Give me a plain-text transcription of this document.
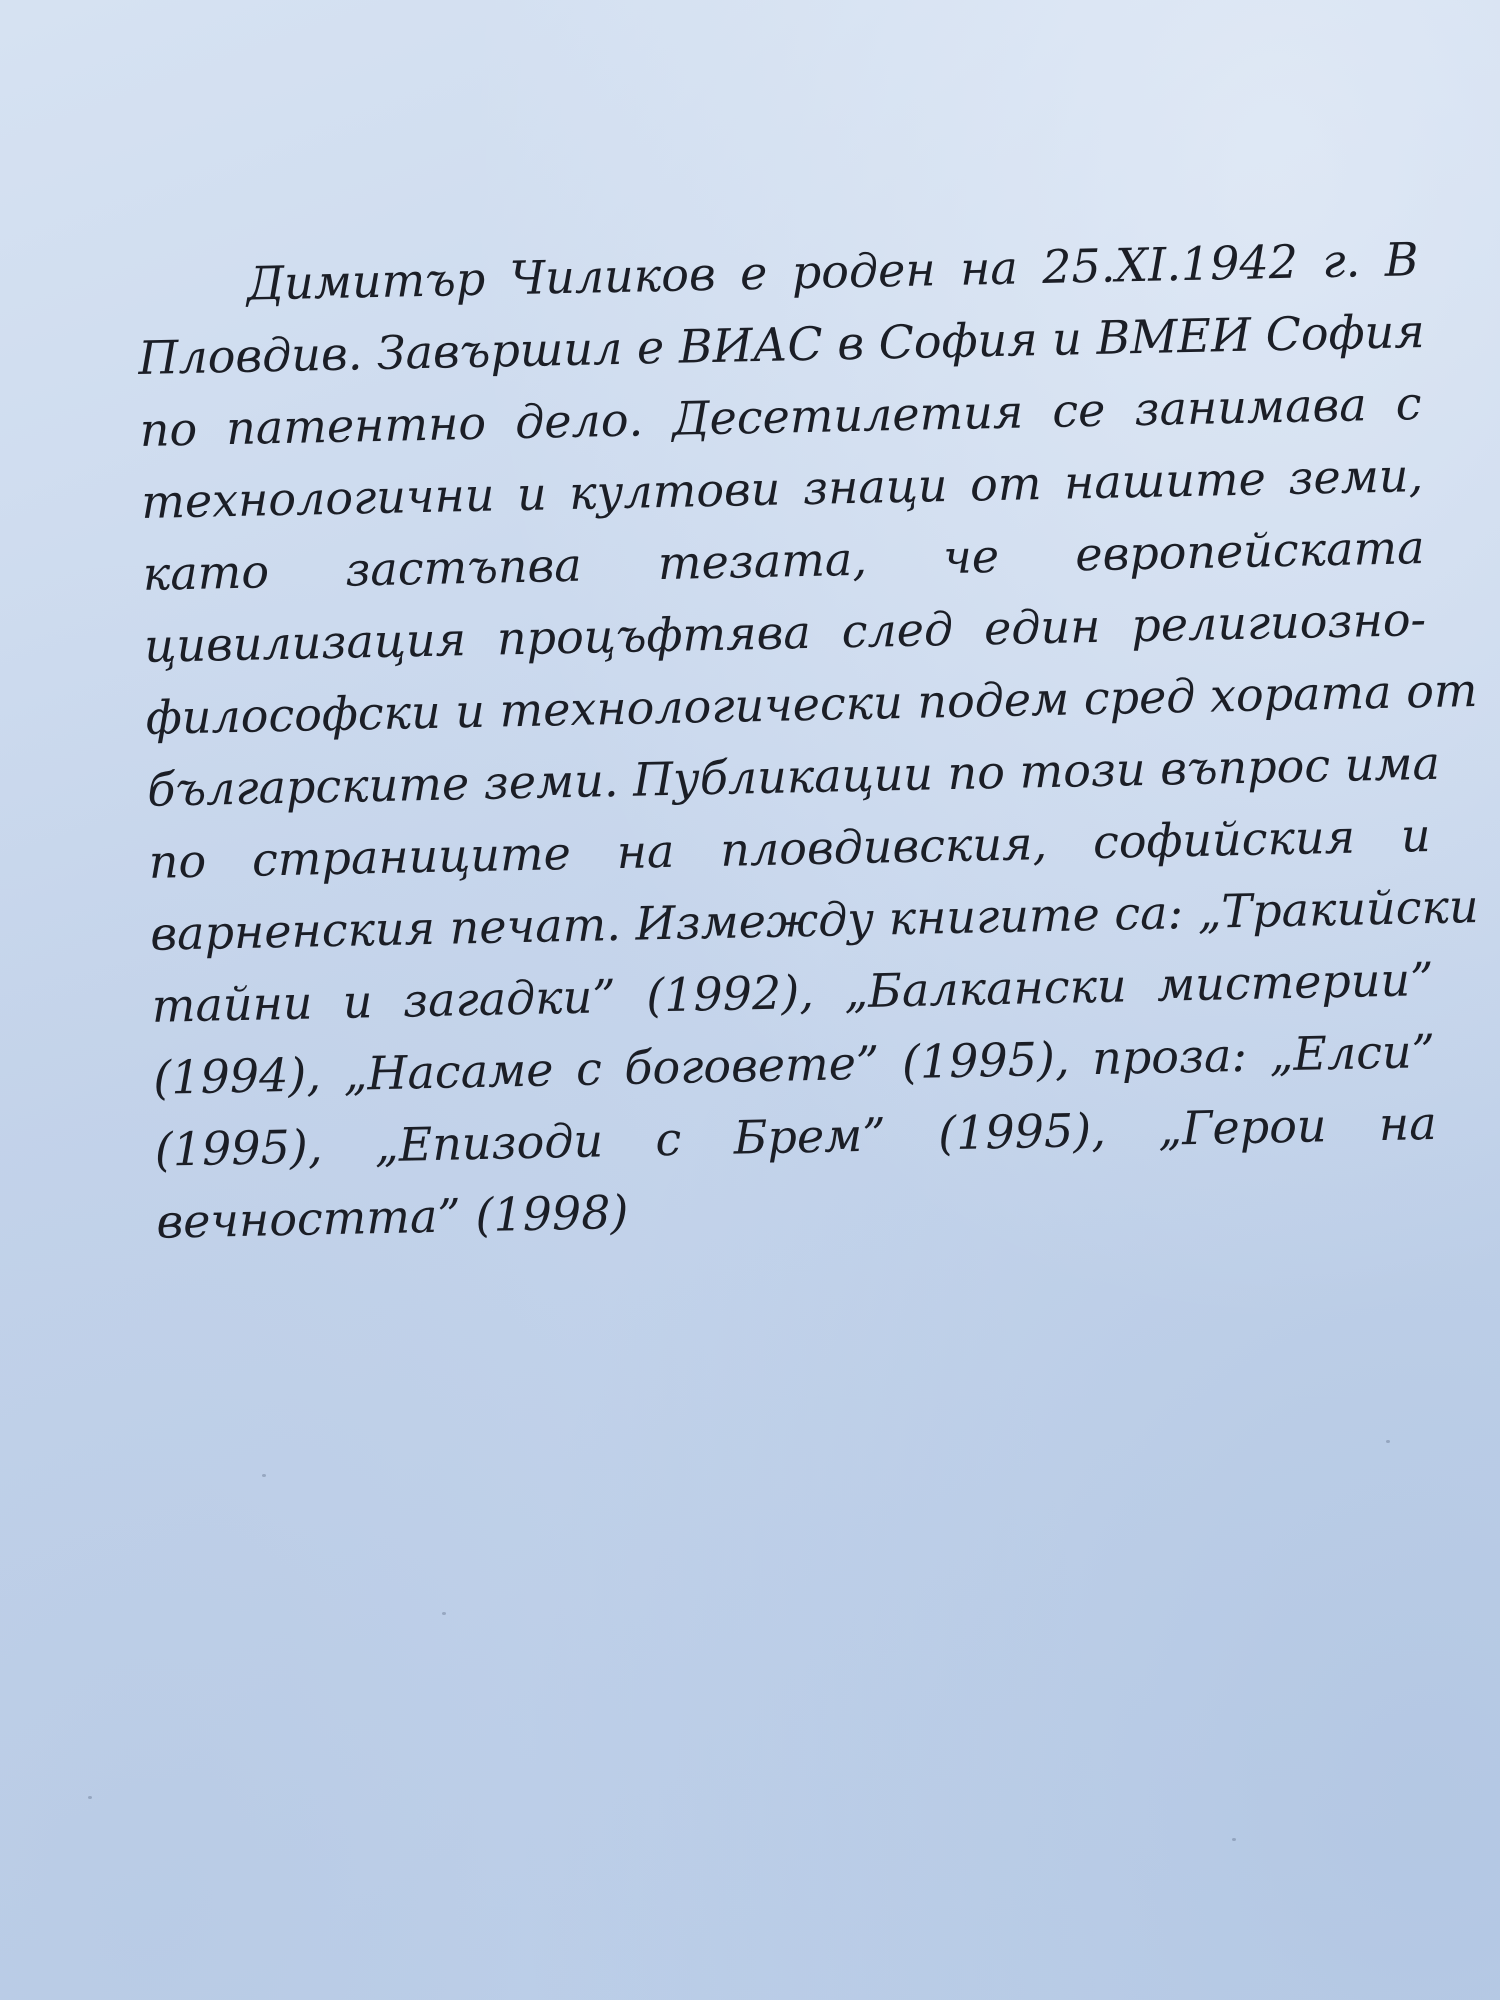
Димитър Чиликов е роден на 25.XI.1942 г. В
Пловдив. Завършил е ВИАС в София и ВМЕИ София
по патентно дело. Десетилетия се занимава с
технологични и култови знаци от нашите земи,
като застъпва тезата, че европейската
цивилизация процъфтява след един религиозно-
философски и технологически подем сред хората от
българските земи. Публикации по този въпрос има
по страниците на пловдивския, софийския и
варненския печат. Измежду книгите са: „Тракийски
тайни и загадки” (1992), „Балкански мистерии”
(1994), „Насаме с боговете” (1995), проза: „Елси”
(1995), „Епизоди с Брем” (1995), „Герои на
вечността” (1998)
